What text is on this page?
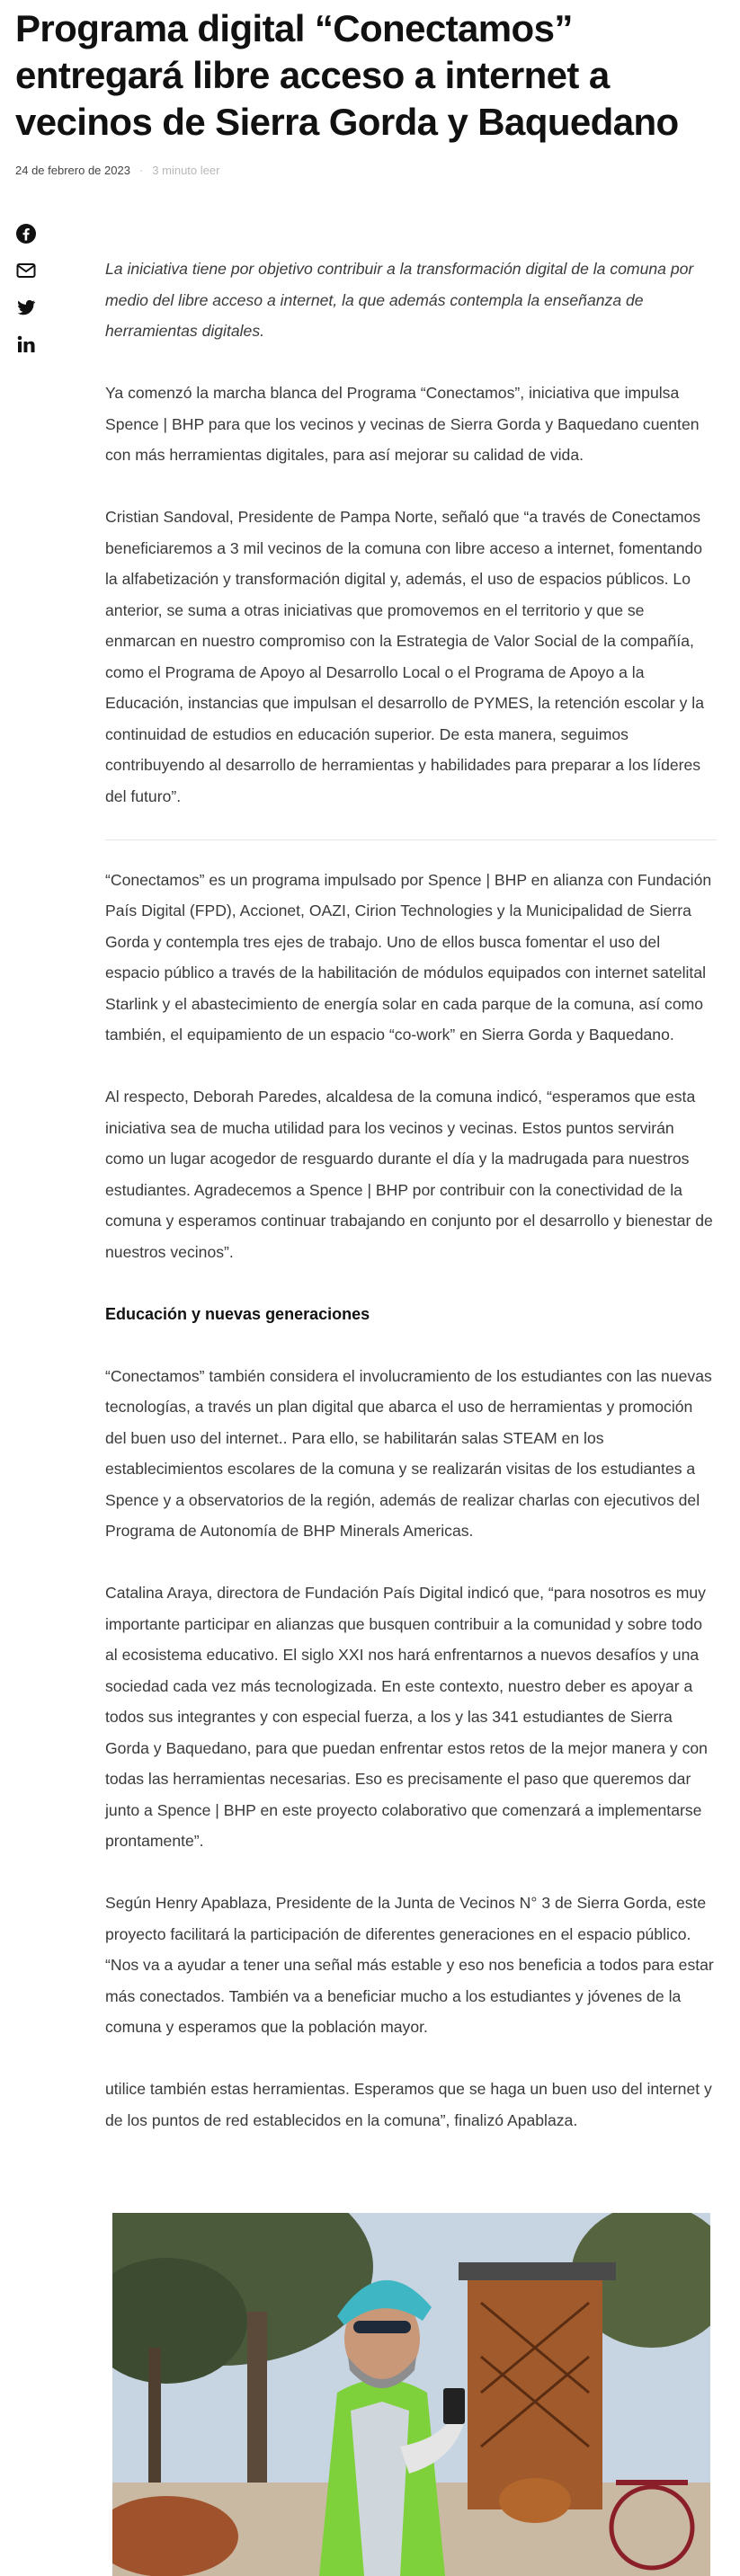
Programa digital “Conectamos” entregará libre acceso a internet a vecinos de Sierra Gorda y Baquedano
24 de febrero de 2023 · 3 minuto leer

La iniciativa tiene por objetivo contribuir a la transformación digital de la comuna por medio del libre acceso a internet, la que además contempla la enseñanza de herramientas digitales.

Ya comenzó la marcha blanca del Programa “Conectamos”, iniciativa que impulsa Spence | BHP para que los vecinos y vecinas de Sierra Gorda y Baquedano cuenten con más herramientas digitales, para así mejorar su calidad de vida.

Cristian Sandoval, Presidente de Pampa Norte, señaló que “a través de Conectamos beneficiaremos a 3 mil vecinos de la comuna con libre acceso a internet, fomentando la alfabetización y transformación digital y, además, el uso de espacios públicos. Lo anterior, se suma a otras iniciativas que promovemos en el territorio y que se enmarcan en nuestro compromiso con la Estrategia de Valor Social de la compañía, como el Programa de Apoyo al Desarrollo Local o el Programa de Apoyo a la Educación, instancias que impulsan el desarrollo de PYMES, la retención escolar y la continuidad de estudios en educación superior. De esta manera, seguimos contribuyendo al desarrollo de herramientas y habilidades para preparar a los líderes del futuro”.

“Conectamos” es un programa impulsado por Spence | BHP en alianza con Fundación País Digital (FPD), Accionet, OAZI, Cirion Technologies y la Municipalidad de Sierra Gorda y contempla tres ejes de trabajo. Uno de ellos busca fomentar el uso del espacio público a través de la habilitación de módulos equipados con internet satelital Starlink y el abastecimiento de energía solar en cada parque de la comuna, así como también, el equipamiento de un espacio “co-work” en Sierra Gorda y Baquedano.

Al respecto, Deborah Paredes, alcaldesa de la comuna indicó, “esperamos que esta iniciativa sea de mucha utilidad para los vecinos y vecinas. Estos puntos servirán como un lugar acogedor de resguardo durante el día y la madrugada para nuestros estudiantes. Agradecemos a Spence | BHP por contribuir con la conectividad de la comuna y esperamos continuar trabajando en conjunto por el desarrollo y bienestar de nuestros vecinos”.

Educación y nuevas generaciones

“Conectamos” también considera el involucramiento de los estudiantes con las nuevas tecnologías, a través un plan digital que abarca el uso de herramientas y promoción del buen uso del internet.. Para ello, se habilitarán salas STEAM en los establecimientos escolares de la comuna y se realizarán visitas de los estudiantes a Spence y a observatorios de la región, además de realizar charlas con ejecutivos del Programa de Autonomía de BHP Minerals Americas.

Catalina Araya, directora de Fundación País Digital indicó que, “para nosotros es muy importante participar en alianzas que busquen contribuir a la comunidad y sobre todo al ecosistema educativo. El siglo XXI nos hará enfrentarnos a nuevos desafíos y una sociedad cada vez más tecnologizada. En este contexto, nuestro deber es apoyar a todos sus integrantes y con especial fuerza, a los y las 341 estudiantes de Sierra Gorda y Baquedano, para que puedan enfrentar estos retos de la mejor manera y con todas las herramientas necesarias. Eso es precisamente el paso que queremos dar junto a Spence | BHP en este proyecto colaborativo que comenzará a implementarse prontamente”.

Según Henry Apablaza, Presidente de la Junta de Vecinos N° 3 de Sierra Gorda, este proyecto facilitará la participación de diferentes generaciones en el espacio público. “Nos va a ayudar a tener una señal más estable y eso nos beneficia a todos para estar más conectados. También va a beneficiar mucho a los estudiantes y jóvenes de la comuna y esperamos que la población mayor.

utilice también estas herramientas. Esperamos que se haga un buen uso del internet y de los puntos de red establecidos en la comuna”, finalizó Apablaza.
